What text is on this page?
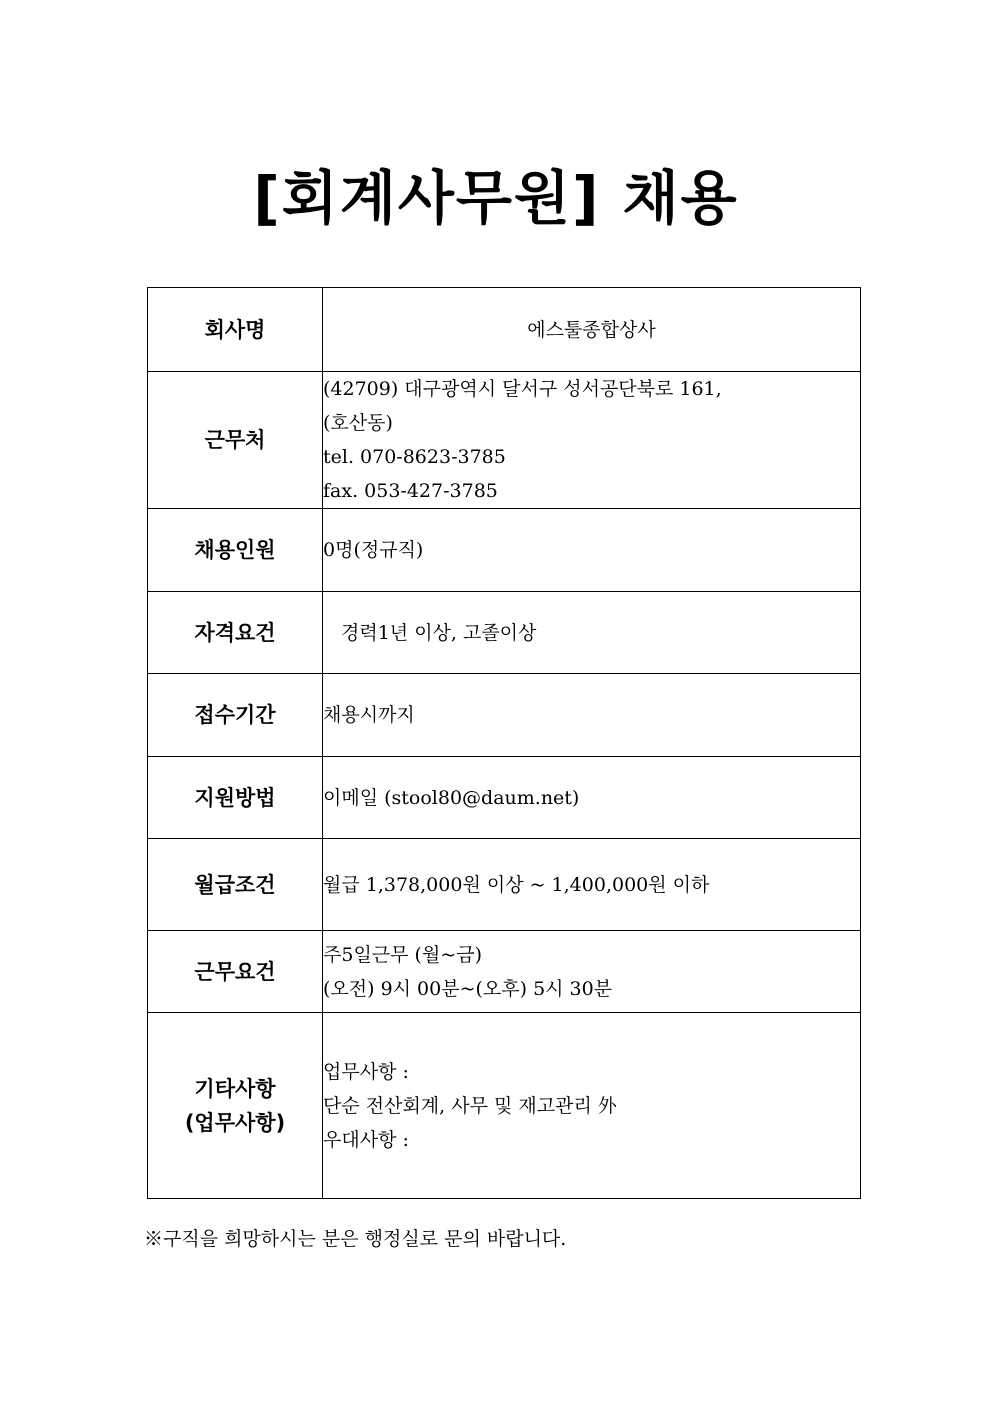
[회계사무원] 채용
회사명	에스툴종합상사
근무처	(42709) 대구광역시 달서구 성서공단북로 161,
(호산동)
tel. 070-8623-3785
fax. 053-427-3785

채용인원	0명(정규직)
자격요건	경력1년 이상, 고졸이상
접수기간	채용시까지
지원방법	이메일 (stool80@daum.net)
월급조건	월급 1,378,000원 이상 ~ 1,400,000원 이하
근무요건	주5일근무 (월~금)
(오전) 9시 00분~(오후) 5시 30분

기타사항
(업무사항)	업무사항 :
단순 전산회계, 사무 및 재고관리 外
우대사항 :

※구직을 희망하시는 분은 행정실로 문의 바랍니다.
